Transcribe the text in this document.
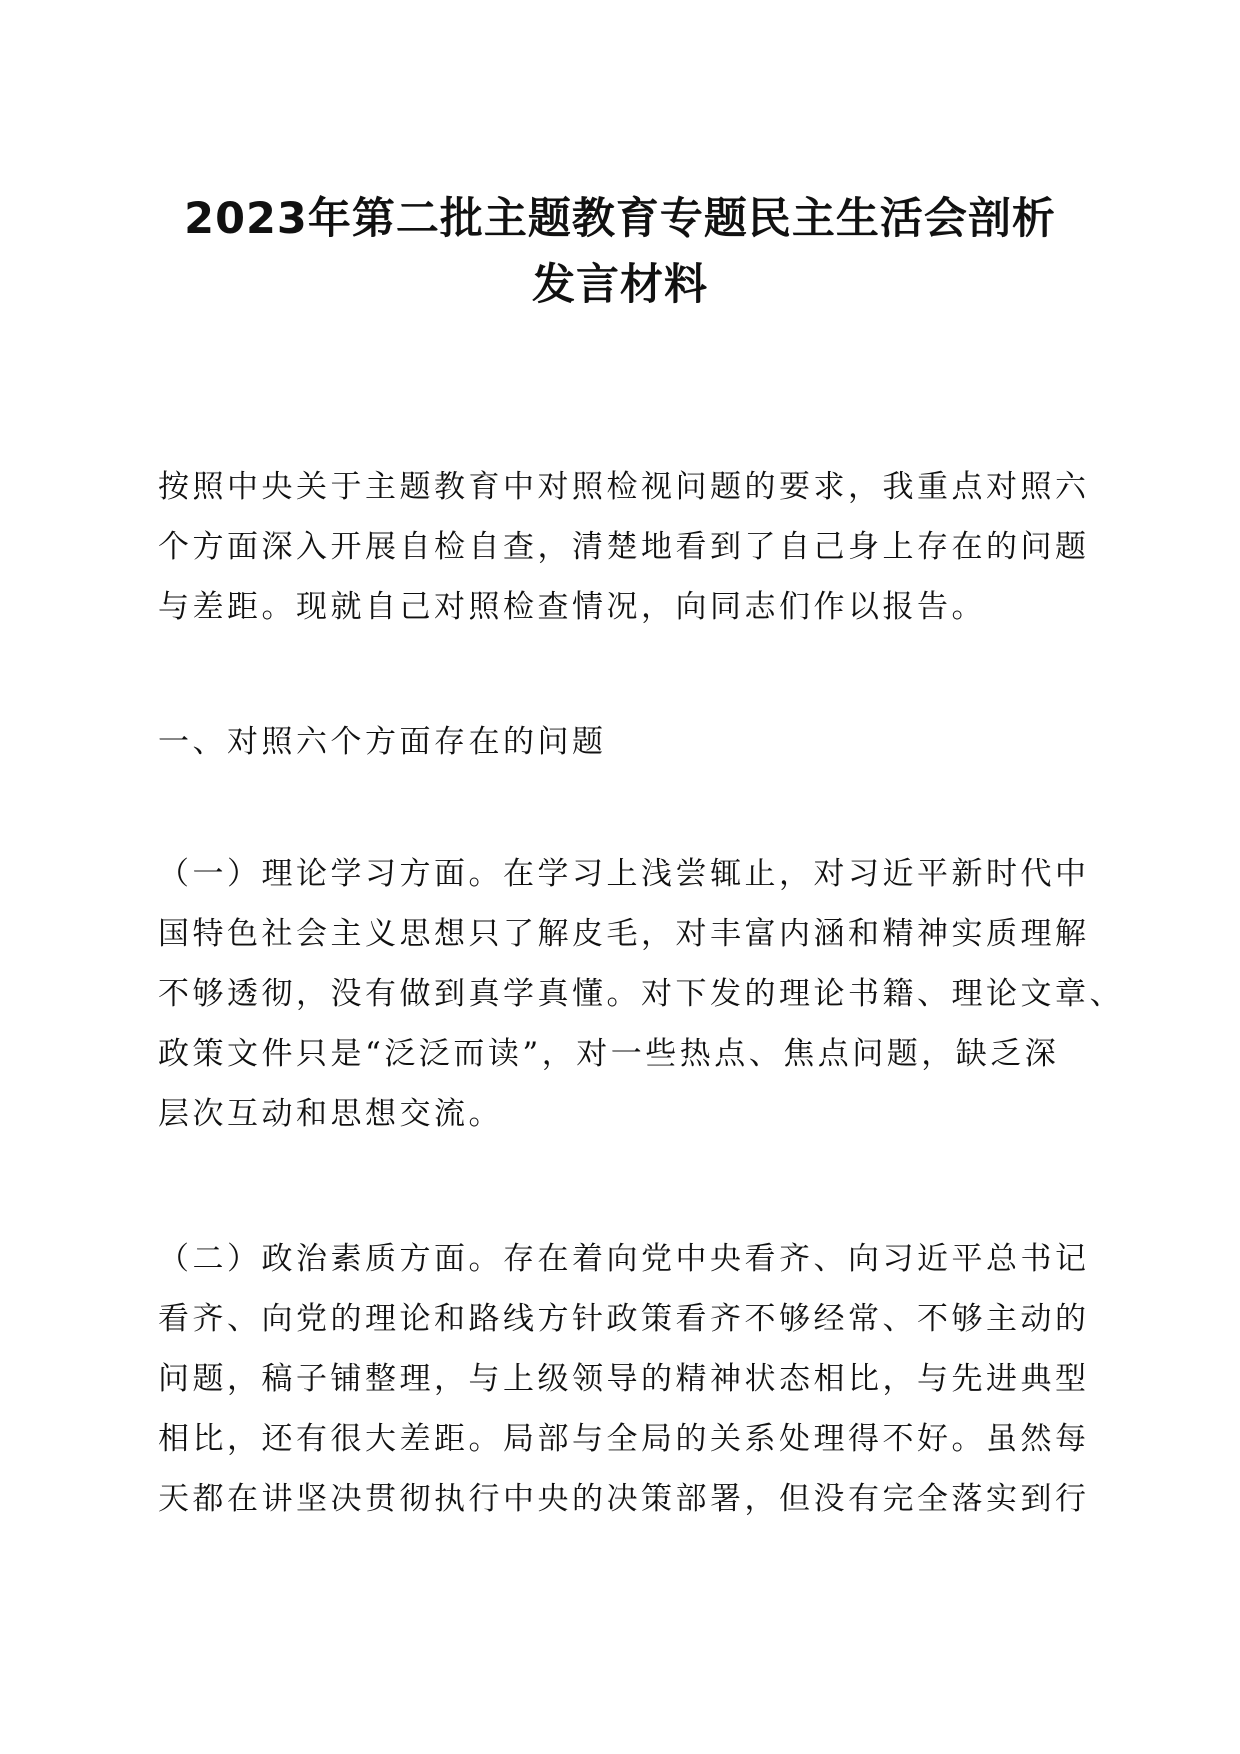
2023年第二批主题教育专题民主生活会剖析
发言材料

按照中央关于主题教育中对照检视问题的要求，我重点对照六
个方面深入开展自检自查，清楚地看到了自己身上存在的问题
与差距。现就自己对照检查情况，向同志们作以报告。

一、对照六个方面存在的问题

（一）理论学习方面。在学习上浅尝辄止，对习近平新时代中
国特色社会主义思想只了解皮毛，对丰富内涵和精神实质理解
不够透彻，没有做到真学真懂。对下发的理论书籍、理论文章、
政策文件只是“泛泛而读”，对一些热点、焦点问题，缺乏深
层次互动和思想交流。

（二）政治素质方面。存在着向党中央看齐、向习近平总书记
看齐、向党的理论和路线方针政策看齐不够经常、不够主动的
问题，稿子铺整理，与上级领导的精神状态相比，与先进典型
相比，还有很大差距。局部与全局的关系处理得不好。虽然每
天都在讲坚决贯彻执行中央的决策部署，但没有完全落实到行
